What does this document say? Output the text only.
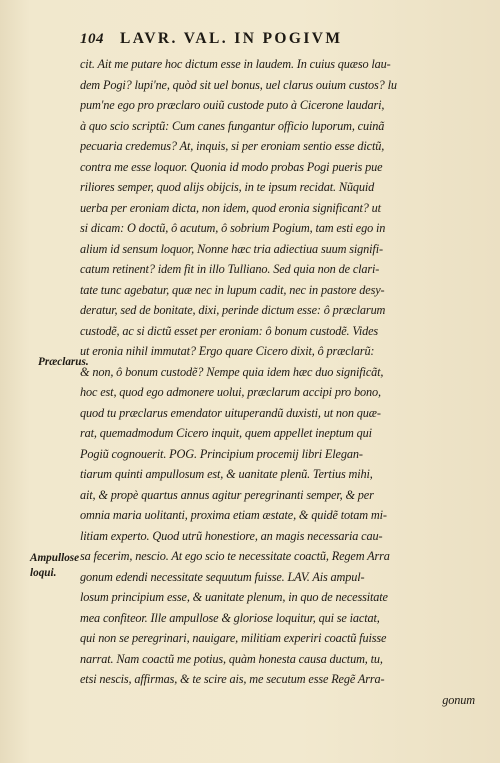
104 LAVR. VAL. IN POGIVM
cit. Ait me putare hoc dictum esse in laudem. In cuius quæso lau-
dem Pogi? lupi'ne, quòd sit uel bonus, uel clarus ouium custos? lu
pum'ne ego pro præclaro ouiũ custode puto à Cicerone laudari,
à quo scio scriptũ: Cum canes fungantur officio luporum, cuinã
pecuaria credemus? At, inquis, si per eroniam sentio esse dictũ,
contra me esse loquor. Quonia id modo probas Pogi pueris pue
riliores semper, quod alijs obijcis, in te ipsum recidat. Nũquid
uerba per eroniam dicta, non idem, quod eroniа significant? ut
si dicam: O doctũ, ô acutum, ô sobrium Pogium, tam esti ego in
alium id sensum loquor, Nonne hæc tria adiectiua suum signifi-
catum retinent? idem fit in illo Tulliano. Sed quia non de clari-
tate tunc agebatur, quæ nec in lupum cadit, nec in pastore desy-
deratur, sed de bonitate, dixi, perinde dictum esse: ô præclarum
custodẽ, ac si dictũ esset per eroniam: ô bonum custodẽ. Vides
ut eronia nihil immutat? Ergo quare Cicero dixit, ô præclarũ:
& non, ô bonum custodẽ? Nempe quia idem hæc duo significãt,
hoc est, quod ego admonere uolui, præclarum accipi pro bono,
quod tu præclarus emendator uituperandũ duxisti, ut non quæ-
rat, quemadmodum Cicero inquit, quem appellet ineptum qui
Pogiũ cognouerit. POG. Principium procemij libri Elegan-
tiarum quinti ampullosum est, & uanitate plenũ. Tertius mihi,
ait, & propè quartus annus agitur peregrinanti semper, & per
omnia maria uolitanti, proxima etiam æstate, & quidẽ totam mi-
litiam experto. Quod utrũ honestiore, an magis necessaria cau-
sa fecerim, nescio. At ego scio te necessitate coactũ, Regem Arra
gonum edendi necessitate sequutum fuisse. LAV. Ais ampul-
losum principium esse, & uanitate plenum, in quo de necessitate
mea confiteor. Ille ampullose & gloriose loquitur, qui se iactat,
qui non se peregrinari, nauigare, militiam experiri coactũ fuisse
narrat. Nam coactũ me potius, quàm honesta causa ductum, tu,
etsi nescis, affirmas, & te scire ais, me secutum esse Regẽ Arra-
gonum
Præclarus.
Ampullose
loqui.
